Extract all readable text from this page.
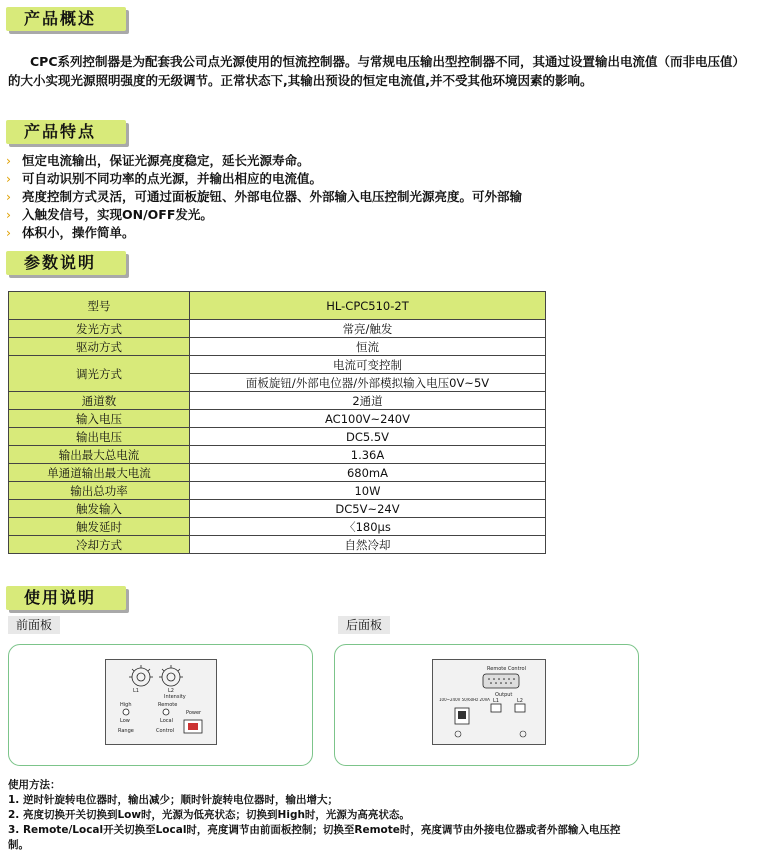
产品概述
CPC系列控制器是为配套我公司点光源使用的恒流控制器。与常规电压输出型控制器不同，其通过设置输出电流值（而非电压值）的大小实现光源照明强度的无级调节。正常状态下,其输出预设的恒定电流值,并不受其他环境因素的影响。
产品特点
› 恒定电流输出，保证光源亮度稳定，延长光源寿命。
› 可自动识别不同功率的点光源，并输出相应的电流值。
› 亮度控制方式灵活，可通过面板旋钮、外部电位器、外部输入电压控制光源亮度。可外部输
› 入触发信号，实现ON/OFF发光。
› 体积小，操作简单。
参数说明
型号	HL-CPC510-2T
发光方式	常亮/触发
驱动方式	恒流
调光方式	电流可变控制
	面板旋钮/外部电位器/外部模拟输入电压0V~5V
通道数	2通道
输入电压	AC100V~240V
输出电压	DC5.5V
输出最大总电流	1.36A
单通道输出最大电流	680mA
输出总功率	10W
触发输入	DC5V~24V
触发延时	〈180μs
冷却方式	自然冷却
使用说明
前面板	后面板
L1	L2
Intensity
High
Low
Range
Remote
Local
Control
Power
Remote Control
Output
L1	L2
100~240V 50/60Hz 20VA
使用方法：
1. 逆时针旋转电位器时，输出减少；顺时针旋转电位器时，输出增大；
2. 亮度切换开关切换到Low时，光源为低亮状态；切换到High时，光源为高亮状态。
3. Remote/Local开关切换至Local时，亮度调节由前面板控制；切换至Remote时，亮度调节由外接电位器或者外部输入电压控
制。
